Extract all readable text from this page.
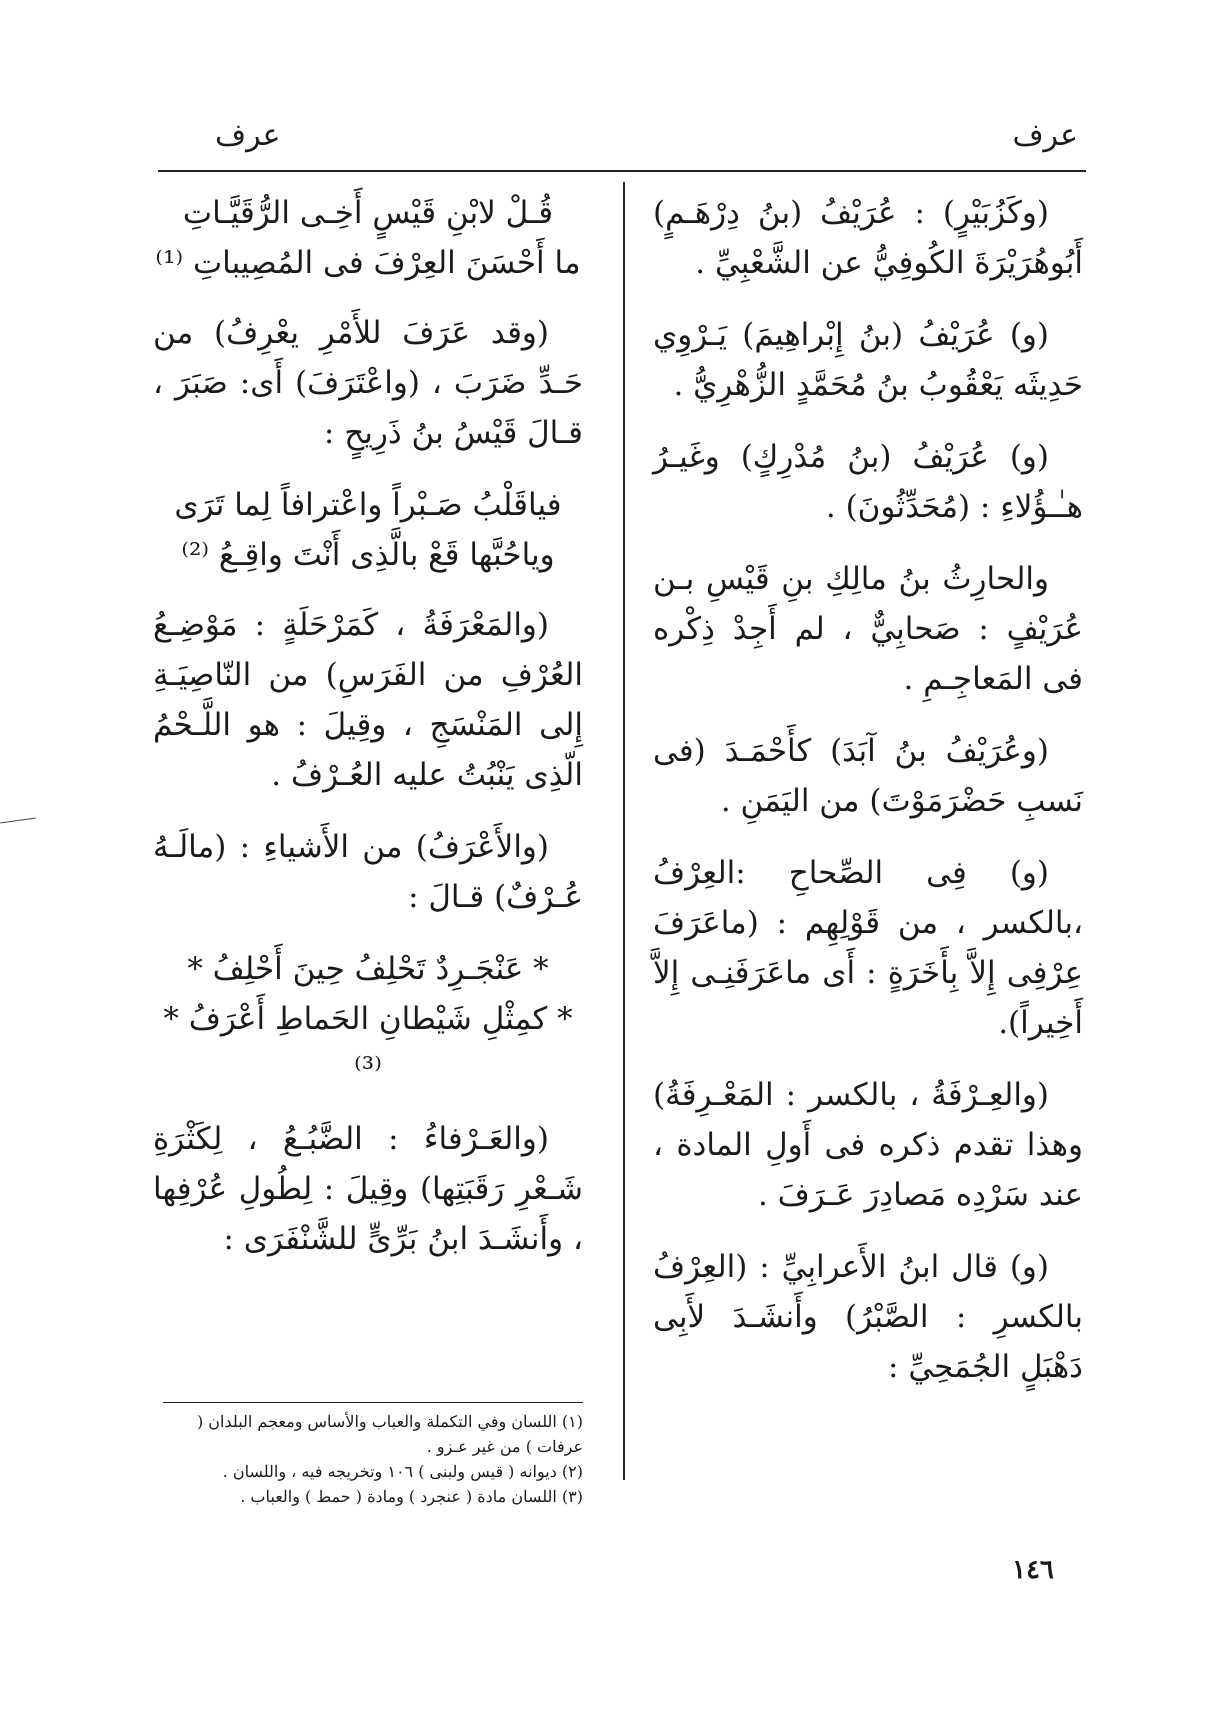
عرف
عرف

(وكَزُبَيْرٍ) : عُرَيْفُ (بنُ دِرْهَـمٍ) أَبُوهُرَيْرَةَ الكُوفِيُّ عن الشَّعْبِيِّ .

(و) عُرَيْفُ (بنُ إِبْراهِيمَ) يَـرْوِي حَدِيثَه يَعْقُوبُ بنُ مُحَمَّدٍ الزُّهْرِيُّ .

(و) عُرَيْفُ (بنُ مُدْرِكٍ) وغَيـرُ هـٰـؤُلاءِ : (مُحَدِّثُونَ) .

والحارِثُ بنُ مالِكِ بنِ قَيْسِ بـن عُرَيْفٍ : صَحابِيٌّ ، لم أَجِدْ ذِكْره فى المَعاجِـمِ .

(وعُرَيْفُ بنُ آبَدَ) كأَحْمَـدَ (فى نَسبِ حَضْرَمَوْتَ) من اليَمَنِ .

(و) فِى الصِّحاحِ :العِرْفُ ،بالكسر ، من قَوْلِهِم : (ماعَرَفَ عِرْفِى إِلاَّ بِأَخَرَةٍ : أَى ماعَرَفَنِـى إِلاَّ أَخِيراً).

(والعِـرْفَةُ ، بالكسر : المَعْـرِفَةُ) وهذا تقدم ذكره فى أَولِ المادة ، عند سَرْدِه مَصادِرَ عَـرَفَ .

(و) قال ابنُ الأَعرابِيِّ : (العِرْفُ بالكسرِ : الصَّبْرُ) وأَنشَـدَ لأَبِى دَهْبَلٍ الجُمَحِيِّ :

قُـلْ لابْنِ قَيْسٍ أَخِـى الرُّقَيَّـاتِ
ما أَحْسَنَ العِرْفَ فى المُصِيباتِ ⁽¹⁾

(وقد عَرَفَ للأَمْرِ يعْرِفُ) من حَـدِّ ضَرَبَ ، (واعْتَرَفَ) أَى: صَبَرَ ، قـالَ قَيْسُ بنُ ذَرِيحٍ :

فياقَلْبُ صَـبْراً واعْترافاً لِما تَرَى
وياحُبَّها قَعْ بالَّذِى أَنْتَ واقِـعُ ⁽²⁾

(والمَعْرَفَةُ ، كَمَرْحَلَةٍ : مَوْضِـعُ العُرْفِ من الفَرَسِ) من النّاصِيَـةِ إِلى المَنْسَجِ ، وقِيلَ : هو اللَّـحْمُ الّذِى يَنْبُتُ عليه العُـرْفُ .

(والأَعْرَفُ) من الأَشياءِ : (مالَـهُ عُـرْفٌ) قـالَ :

* عَنْجَـرِدٌ تَحْلِفُ حِينَ أَحْلِفُ *
* كمِثْلِ شَيْطانِ الحَماطِ أَعْرَفُ * ⁽³⁾

(والعَـرْفاءُ : الضَّبُـعُ ، لِكَثْرَةِ شَـعْرِ رَقَبَتِها) وقِيلَ : لِطُولِ عُرْفِها ، وأَنشَـدَ ابنُ بَرِّىٍّ للشَّنْفَرَى :

(١) اللسان وفي التكملة والعباب والأساس ومعجم البلدان ( عرفات ) من غير عـزو .

(٢) ديوانه ( قيس ولبنى ) ١٠٦ وتخريجه فيه ، واللسان .

(٣) اللسان مادة ( عنجرد ) ومادة ( حمط ) والعباب .

١٤٦
